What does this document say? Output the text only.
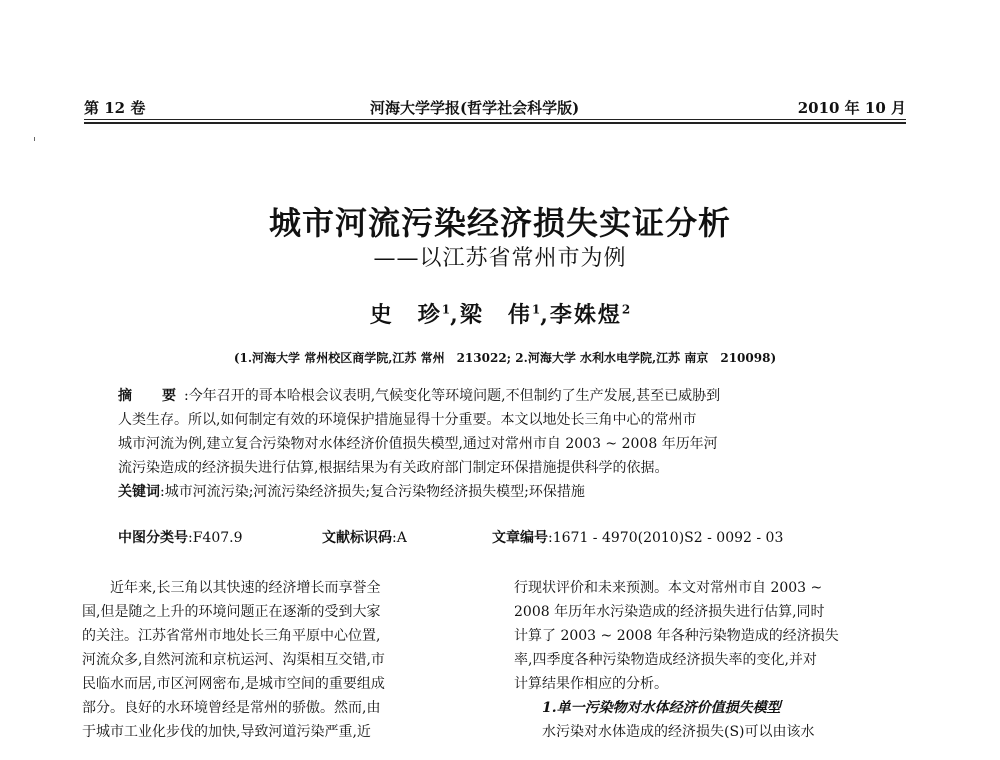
第 12 卷	河海大学学报(哲学社会科学版)	2010 年 10 月
城市河流污染经济损失实证分析
——以江苏省常州市为例
史　珍$^1$,梁　伟$^1$,李姝煜$^2$
(1.河海大学 常州校区商学院,江苏 常州　213022; 2.河海大学 水利水电学院,江苏 南京　210098)
摘　要:今年召开的哥本哈根会议表明,气候变化等环境问题,不但制约了生产发展,甚至已威胁到
人类生存。所以,如何制定有效的环境保护措施显得十分重要。本文以地处长三角中心的常州市
城市河流为例,建立复合污染物对水体经济价值损失模型,通过对常州市自 2003 ~ 2008 年历年河
流污染造成的经济损失进行估算,根据结果为有关政府部门制定环保措施提供科学的依据。
关键词:城市河流污染;河流污染经济损失;复合污染物经济损失模型;环保措施
中图分类号:F407.9	文献标识码:A	文章编号:1671 - 4970(2010)S2 - 0092 - 03
　　近年来,长三角以其快速的经济增长而享誉全
国,但是随之上升的环境问题正在逐渐的受到大家
的关注。江苏省常州市地处长三角平原中心位置,
河流众多,自然河流和京杭运河、沟渠相互交错,市
民临水而居,市区河网密布,是城市空间的重要组成
部分。良好的水环境曾经是常州的骄傲。然而,由
于城市工业化步伐的加快,导致河道污染严重,近
行现状评价和未来预测。本文对常州市自 2003 ~
2008 年历年水污染造成的经济损失进行估算,同时
计算了 2003 ~ 2008 年各种污染物造成的经济损失
率,四季度各种污染物造成经济损失率的变化,并对
计算结果作相应的分析。
　　1.单一污染物对水体经济价值损失模型
　　水污染对水体造成的经济损失(S)可以由该水
